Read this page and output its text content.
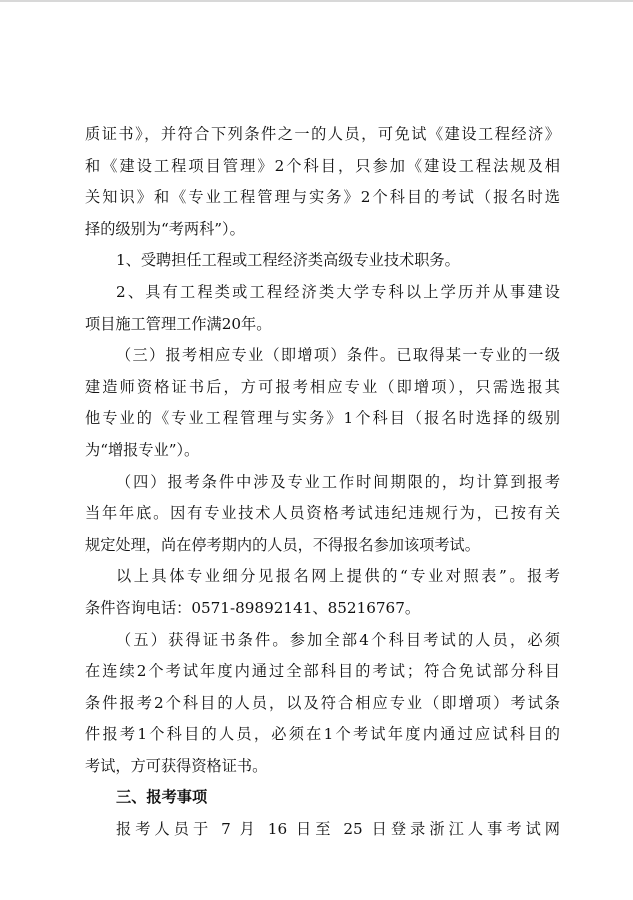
质证书》，并符合下列条件之一的人员，可免试《建设工程经济》
和《建设工程项目管理》2个科目，只参加《建设工程法规及相
关知识》和《专业工程管理与实务》2个科目的考试（报名时选
择的级别为“考两科”）。
1、受聘担任工程或工程经济类高级专业技术职务。
2、具有工程类或工程经济类大学专科以上学历并从事建设
项目施工管理工作满20年。
（三）报考相应专业（即增项）条件。已取得某一专业的一级
建造师资格证书后，方可报考相应专业（即增项），只需选报其
他专业的《专业工程管理与实务》1个科目（报名时选择的级别
为“增报专业”）。
（四）报考条件中涉及专业工作时间期限的，均计算到报考
当年年底。因有专业技术人员资格考试违纪违规行为，已按有关
规定处理，尚在停考期内的人员，不得报名参加该项考试。
以上具体专业细分见报名网上提供的“专业对照表”。报考
条件咨询电话：0571-89892141、85216767。
（五）获得证书条件。参加全部4个科目考试的人员，必须
在连续2个考试年度内通过全部科目的考试；符合免试部分科目
条件报考2个科目的人员，以及符合相应专业（即增项）考试条
件报考1个科目的人员，必须在1个考试年度内通过应试科目的
考试，方可获得资格证书。
三、报考事项
报考人员于 7 月 16 日至 25 日登录浙江人事考试网
